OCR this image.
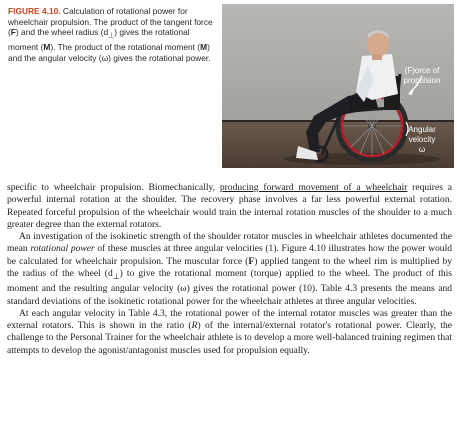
FIGURE 4.10. Calculation of rotational power for wheelchair propulsion. The product of the tangent force (F) and the wheel radius $(d_\perp)$ gives the rotational moment (M). The product of the rotational moment (M) and the angular velocity (ω) gives the rotational power.

(F)orce of
propulsion
Angular
velocity
ω

specific to wheelchair propulsion. Biomechanically, producing forward movement of a wheelchair requires a powerful internal rotation at the shoulder. The recovery phase involves a far less powerful external rotation. Repeated forceful propulsion of the wheelchair would train the internal rotation muscles of the shoulder to a much greater degree than the external rotators.

An investigation of the isokinetic strength of the shoulder rotator muscles in wheelchair athletes documented the mean rotational power of these muscles at three angular velocities (1). Figure 4.10 illustrates how the power would be calculated for wheelchair propulsion. The muscular force (F) applied tangent to the wheel rim is multiplied by the radius of the wheel $(d_\perp)$ to give the rotational moment (torque) applied to the wheel. The product of this moment and the resulting angular velocity (ω) gives the rotational power (10). Table 4.3 presents the means and standard deviations of the isokinetic rotational power for the wheelchair athletes at three angular velocities.

At each angular velocity in Table 4.3, the rotational power of the internal rotator muscles was greater than the external rotators. This is shown in the ratio (R) of the internal/external rotator's rotational power. Clearly, the challenge to the Personal Trainer for the wheelchair athlete is to develop a more well-balanced training regimen that attempts to develop the agonist/antagonist muscles used for propulsion equally.
